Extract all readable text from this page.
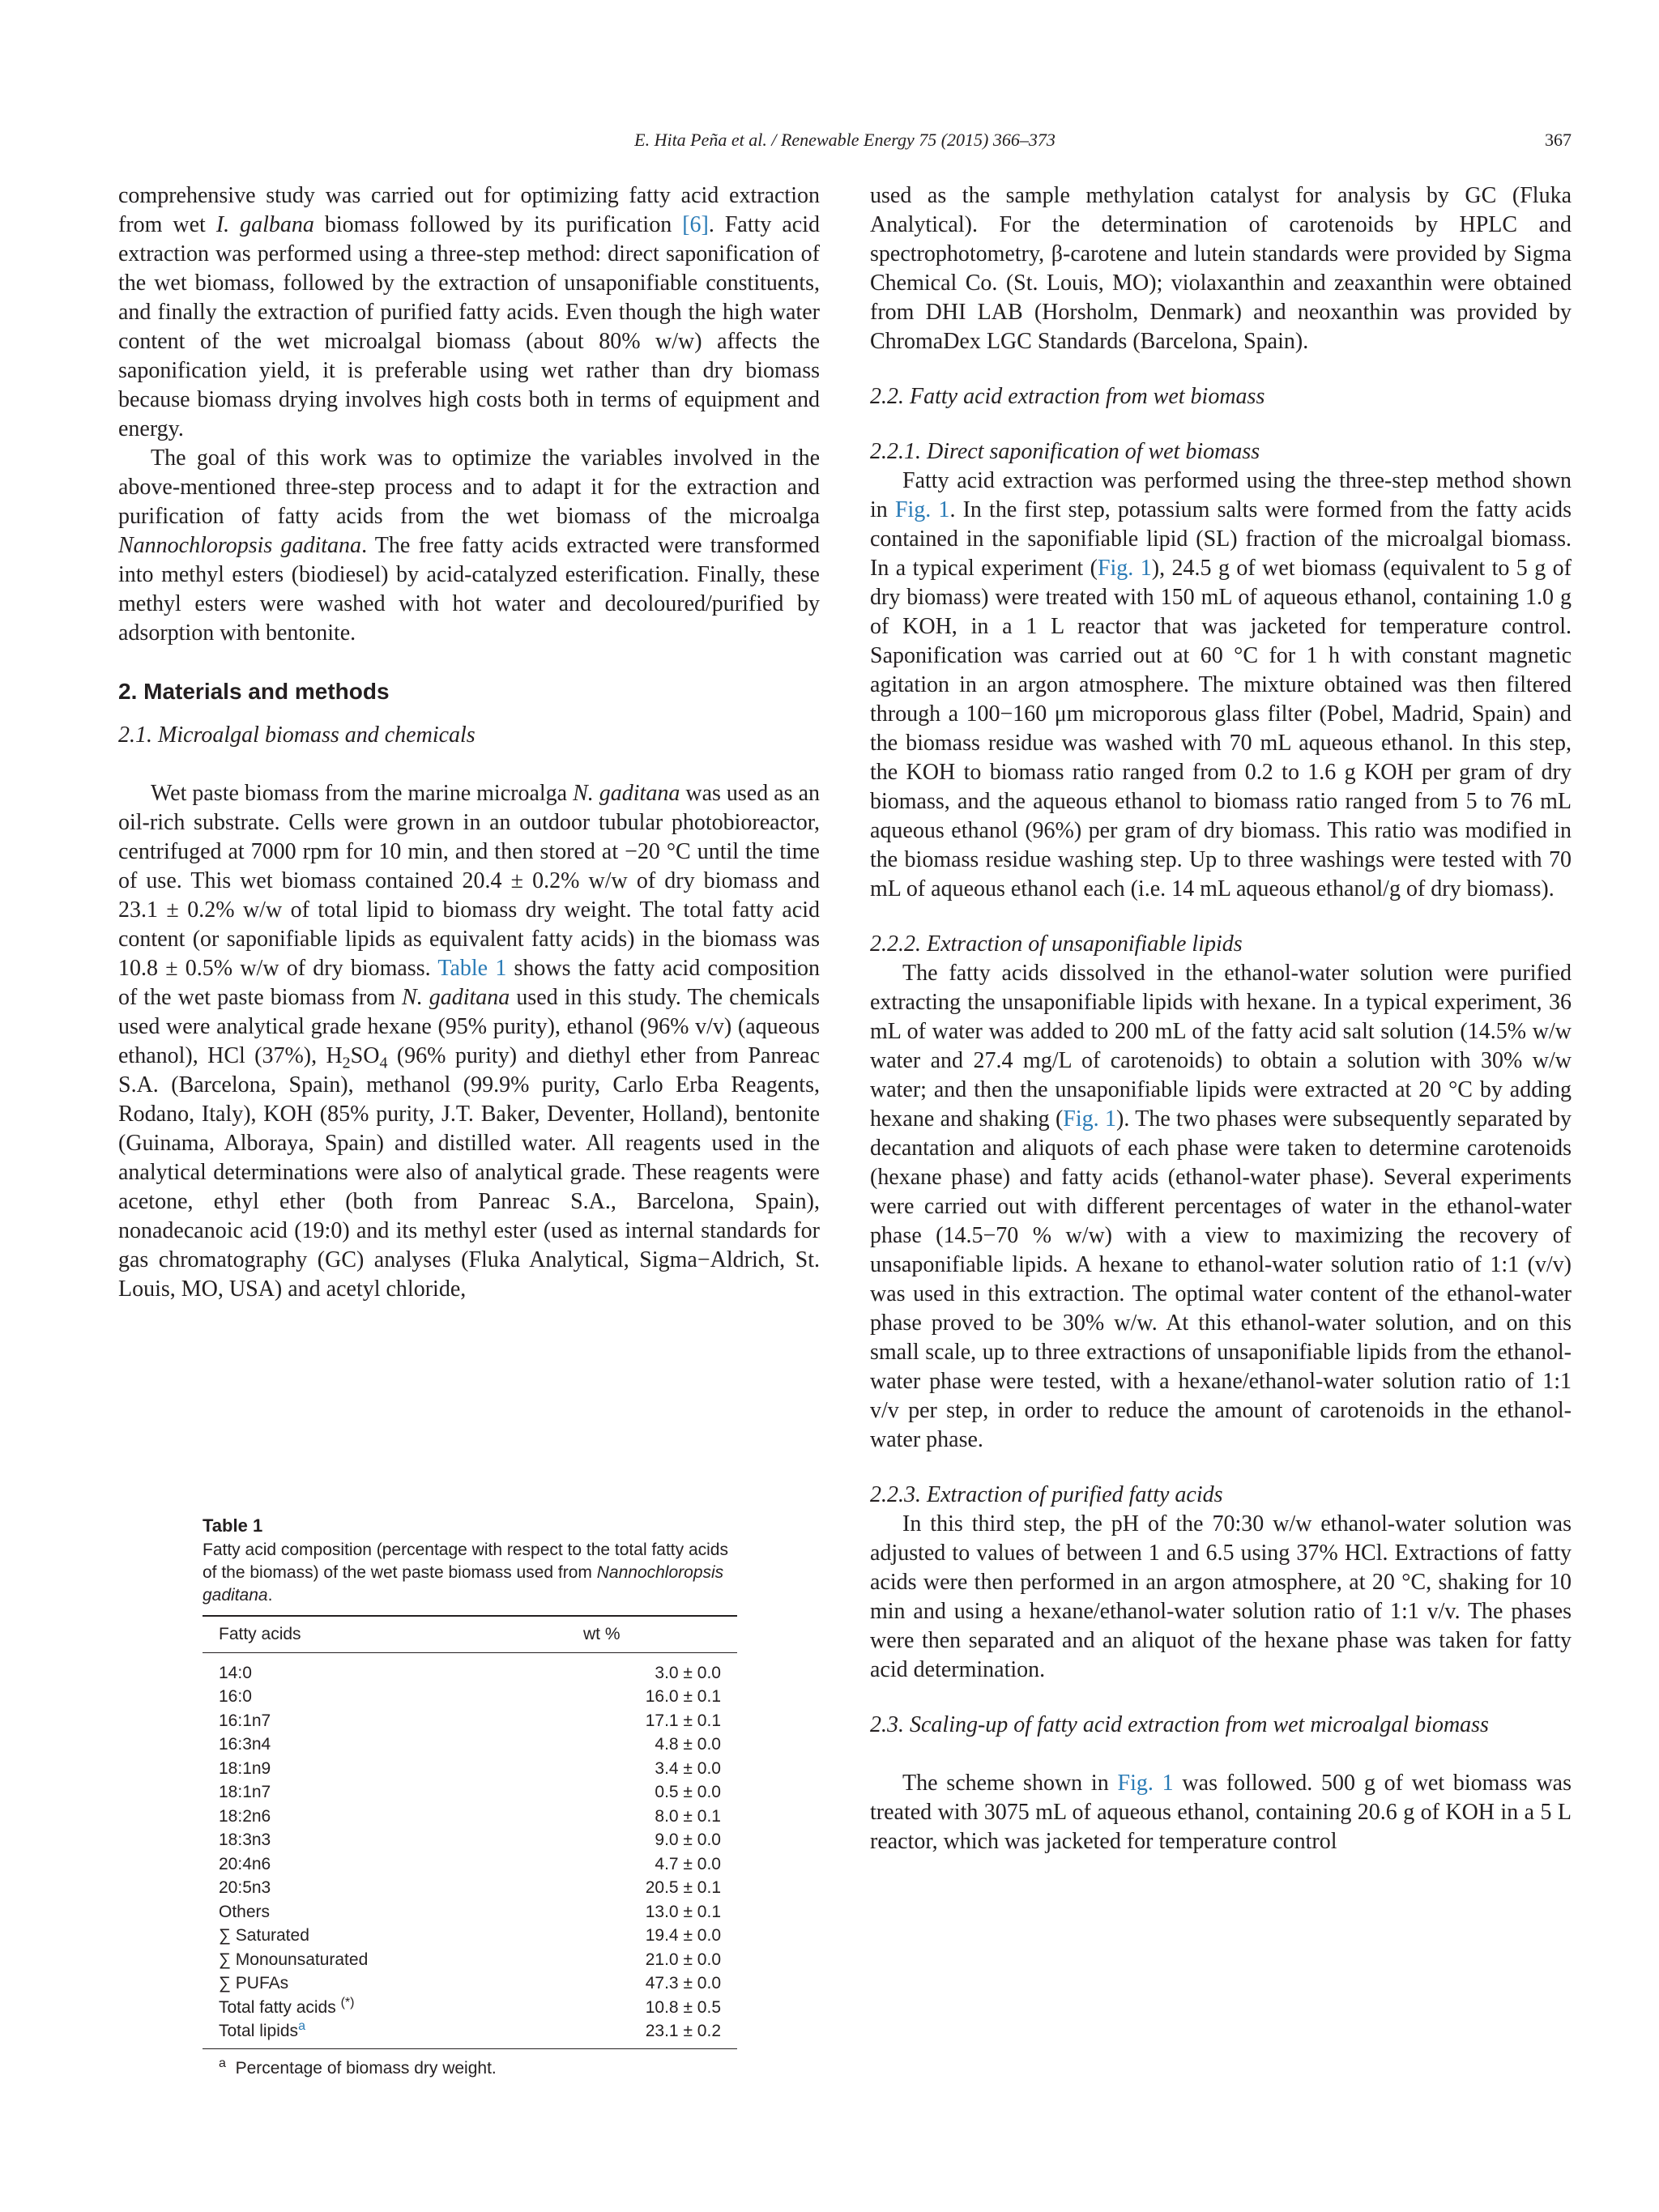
E. Hita Peña et al. / Renewable Energy 75 (2015) 366–373	367

comprehensive study was carried out for optimizing fatty acid extraction from wet I. galbana biomass followed by its purification [6]. Fatty acid extraction was performed using a three-step method: direct saponification of the wet biomass, followed by the extraction of unsaponifiable constituents, and finally the extraction of purified fatty acids. Even though the high water content of the wet microalgal biomass (about 80% w/w) affects the saponification yield, it is preferable using wet rather than dry biomass because biomass drying involves high costs both in terms of equipment and energy.

The goal of this work was to optimize the variables involved in the above-mentioned three-step process and to adapt it for the extraction and purification of fatty acids from the wet biomass of the microalga Nannochloropsis gaditana. The free fatty acids extracted were transformed into methyl esters (biodiesel) by acid-catalyzed esterification. Finally, these methyl esters were washed with hot water and decoloured/purified by adsorption with bentonite.

2. Materials and methods
2.1. Microalgal biomass and chemicals

Wet paste biomass from the marine microalga N. gaditana was used as an oil-rich substrate. Cells were grown in an outdoor tubular photobioreactor, centrifuged at 7000 rpm for 10 min, and then stored at −20 °C until the time of use. This wet biomass contained 20.4 ± 0.2% w/w of dry biomass and 23.1 ± 0.2% w/w of total lipid to biomass dry weight. The total fatty acid content (or saponifiable lipids as equivalent fatty acids) in the biomass was 10.8 ± 0.5% w/w of dry biomass. Table 1 shows the fatty acid composition of the wet paste biomass from N. gaditana used in this study. The chemicals used were analytical grade hexane (95% purity), ethanol (96% v/v) (aqueous ethanol), HCl (37%), $H_2SO_4$ (96% purity) and diethyl ether from Panreac S.A. (Barcelona, Spain), methanol (99.9% purity, Carlo Erba Reagents, Rodano, Italy), KOH (85% purity, J.T. Baker, Deventer, Holland), bentonite (Guinama, Alboraya, Spain) and distilled water. All reagents used in the analytical determinations were also of analytical grade. These reagents were acetone, ethyl ether (both from Panreac S.A., Barcelona, Spain), nonadecanoic acid (19:0) and its methyl ester (used as internal standards for gas chromatography (GC) analyses (Fluka Analytical, Sigma−Aldrich, St. Louis, MO, USA) and acetyl chloride,

Table 1
Fatty acid composition (percentage with respect to the total fatty acids of the biomass) of the wet paste biomass used from Nannochloropsis gaditana.
Fatty acids	wt %
14:0	3.0 ± 0.0
16:0	16.0 ± 0.1
16:1n7	17.1 ± 0.1
16:3n4	4.8 ± 0.0
18:1n9	3.4 ± 0.0
18:1n7	0.5 ± 0.0
18:2n6	8.0 ± 0.1
18:3n3	9.0 ± 0.0
20:4n6	4.7 ± 0.0
20:5n3	20.5 ± 0.1
Others	13.0 ± 0.1
∑ Saturated	19.4 ± 0.0
∑ Monounsaturated	21.0 ± 0.0
∑ PUFAs	47.3 ± 0.0
Total fatty acids (*)	10.8 ± 0.5
Total lipids$^a$	23.1 ± 0.2
$^a$ Percentage of biomass dry weight.

used as the sample methylation catalyst for analysis by GC (Fluka Analytical). For the determination of carotenoids by HPLC and spectrophotometry, β-carotene and lutein standards were provided by Sigma Chemical Co. (St. Louis, MO); violaxanthin and zeaxanthin were obtained from DHI LAB (Horsholm, Denmark) and neoxanthin was provided by ChromaDex LGC Standards (Barcelona, Spain).

2.2. Fatty acid extraction from wet biomass
2.2.1. Direct saponification of wet biomass

Fatty acid extraction was performed using the three-step method shown in Fig. 1. In the first step, potassium salts were formed from the fatty acids contained in the saponifiable lipid (SL) fraction of the microalgal biomass. In a typical experiment (Fig. 1), 24.5 g of wet biomass (equivalent to 5 g of dry biomass) were treated with 150 mL of aqueous ethanol, containing 1.0 g of KOH, in a 1 L reactor that was jacketed for temperature control. Saponification was carried out at 60 °C for 1 h with constant magnetic agitation in an argon atmosphere. The mixture obtained was then filtered through a 100−160 μm microporous glass filter (Pobel, Madrid, Spain) and the biomass residue was washed with 70 mL aqueous ethanol. In this step, the KOH to biomass ratio ranged from 0.2 to 1.6 g KOH per gram of dry biomass, and the aqueous ethanol to biomass ratio ranged from 5 to 76 mL aqueous ethanol (96%) per gram of dry biomass. This ratio was modified in the biomass residue washing step. Up to three washings were tested with 70 mL of aqueous ethanol each (i.e. 14 mL aqueous ethanol/g of dry biomass).

2.2.2. Extraction of unsaponifiable lipids

The fatty acids dissolved in the ethanol-water solution were purified extracting the unsaponifiable lipids with hexane. In a typical experiment, 36 mL of water was added to 200 mL of the fatty acid salt solution (14.5% w/w water and 27.4 mg/L of carotenoids) to obtain a solution with 30% w/w water; and then the unsaponifiable lipids were extracted at 20 °C by adding hexane and shaking (Fig. 1). The two phases were subsequently separated by decantation and aliquots of each phase were taken to determine carotenoids (hexane phase) and fatty acids (ethanol-water phase). Several experiments were carried out with different percentages of water in the ethanol-water phase (14.5−70 % w/w) with a view to maximizing the recovery of unsaponifiable lipids. A hexane to ethanol-water solution ratio of 1:1 (v/v) was used in this extraction. The optimal water content of the ethanol-water phase proved to be 30% w/w. At this ethanol-water solution, and on this small scale, up to three extractions of unsaponifiable lipids from the ethanol-water phase were tested, with a hexane/ethanol-water solution ratio of 1:1 v/v per step, in order to reduce the amount of carotenoids in the ethanol-water phase.

2.2.3. Extraction of purified fatty acids

In this third step, the pH of the 70:30 w/w ethanol-water solution was adjusted to values of between 1 and 6.5 using 37% HCl. Extractions of fatty acids were then performed in an argon atmosphere, at 20 °C, shaking for 10 min and using a hexane/ethanol-water solution ratio of 1:1 v/v. The phases were then separated and an aliquot of the hexane phase was taken for fatty acid determination.

2.3. Scaling-up of fatty acid extraction from wet microalgal biomass

The scheme shown in Fig. 1 was followed. 500 g of wet biomass was treated with 3075 mL of aqueous ethanol, containing 20.6 g of KOH in a 5 L reactor, which was jacketed for temperature control
